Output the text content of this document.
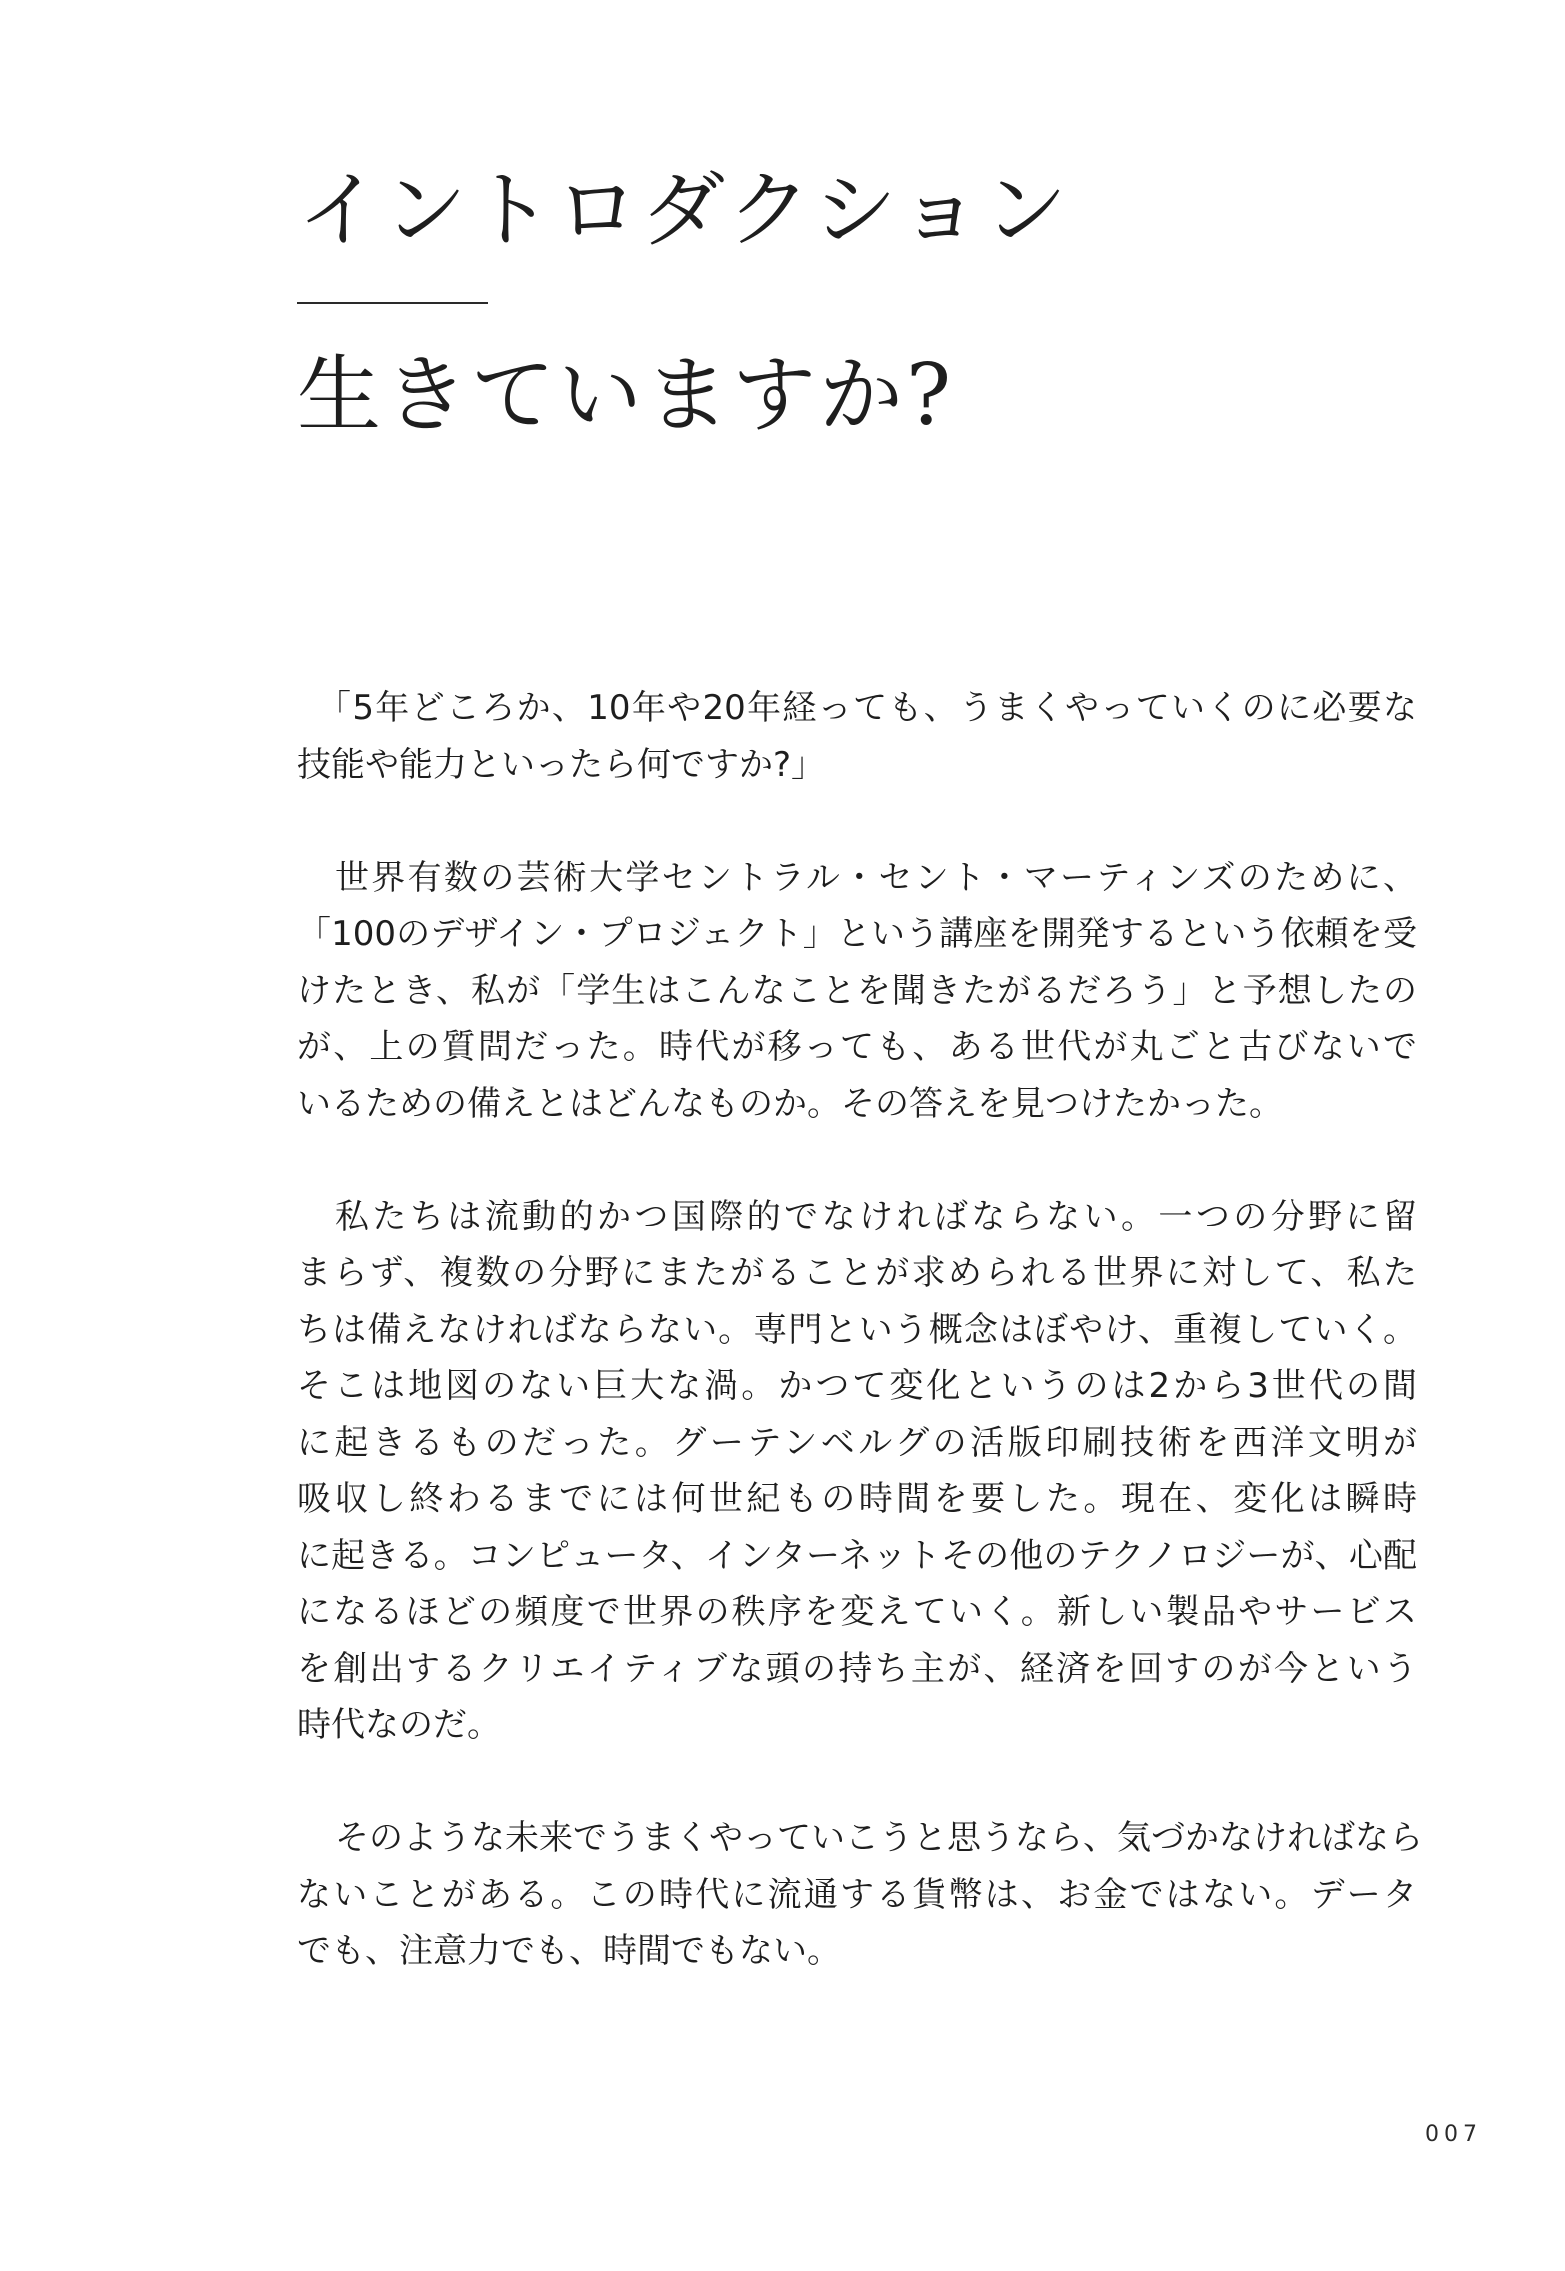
イントロダクション
生きていますか?

「5年どころか、10年や20年経っても、うまくやっていくのに必要な
技能や能力といったら何ですか?」

世界有数の芸術大学セントラル・セント・マーティンズのために、
「100のデザイン・プロジェクト」という講座を開発するという依頼を受
けたとき、私が「学生はこんなことを聞きたがるだろう」と予想したの
が、上の質問だった。時代が移っても、ある世代が丸ごと古びないで
いるための備えとはどんなものか。その答えを見つけたかった。

私たちは流動的かつ国際的でなければならない。一つの分野に留
まらず、複数の分野にまたがることが求められる世界に対して、私た
ちは備えなければならない。専門という概念はぼやけ、重複していく。
そこは地図のない巨大な渦。かつて変化というのは2から3世代の間
に起きるものだった。グーテンベルグの活版印刷技術を西洋文明が
吸収し終わるまでには何世紀もの時間を要した。現在、変化は瞬時
に起きる。コンピュータ、インターネットその他のテクノロジーが、心配
になるほどの頻度で世界の秩序を変えていく。新しい製品やサービス
を創出するクリエイティブな頭の持ち主が、経済を回すのが今という
時代なのだ。

そのような未来でうまくやっていこうと思うなら、気づかなければなら
ないことがある。この時代に流通する貨幣は、お金ではない。データ
でも、注意力でも、時間でもない。

007
